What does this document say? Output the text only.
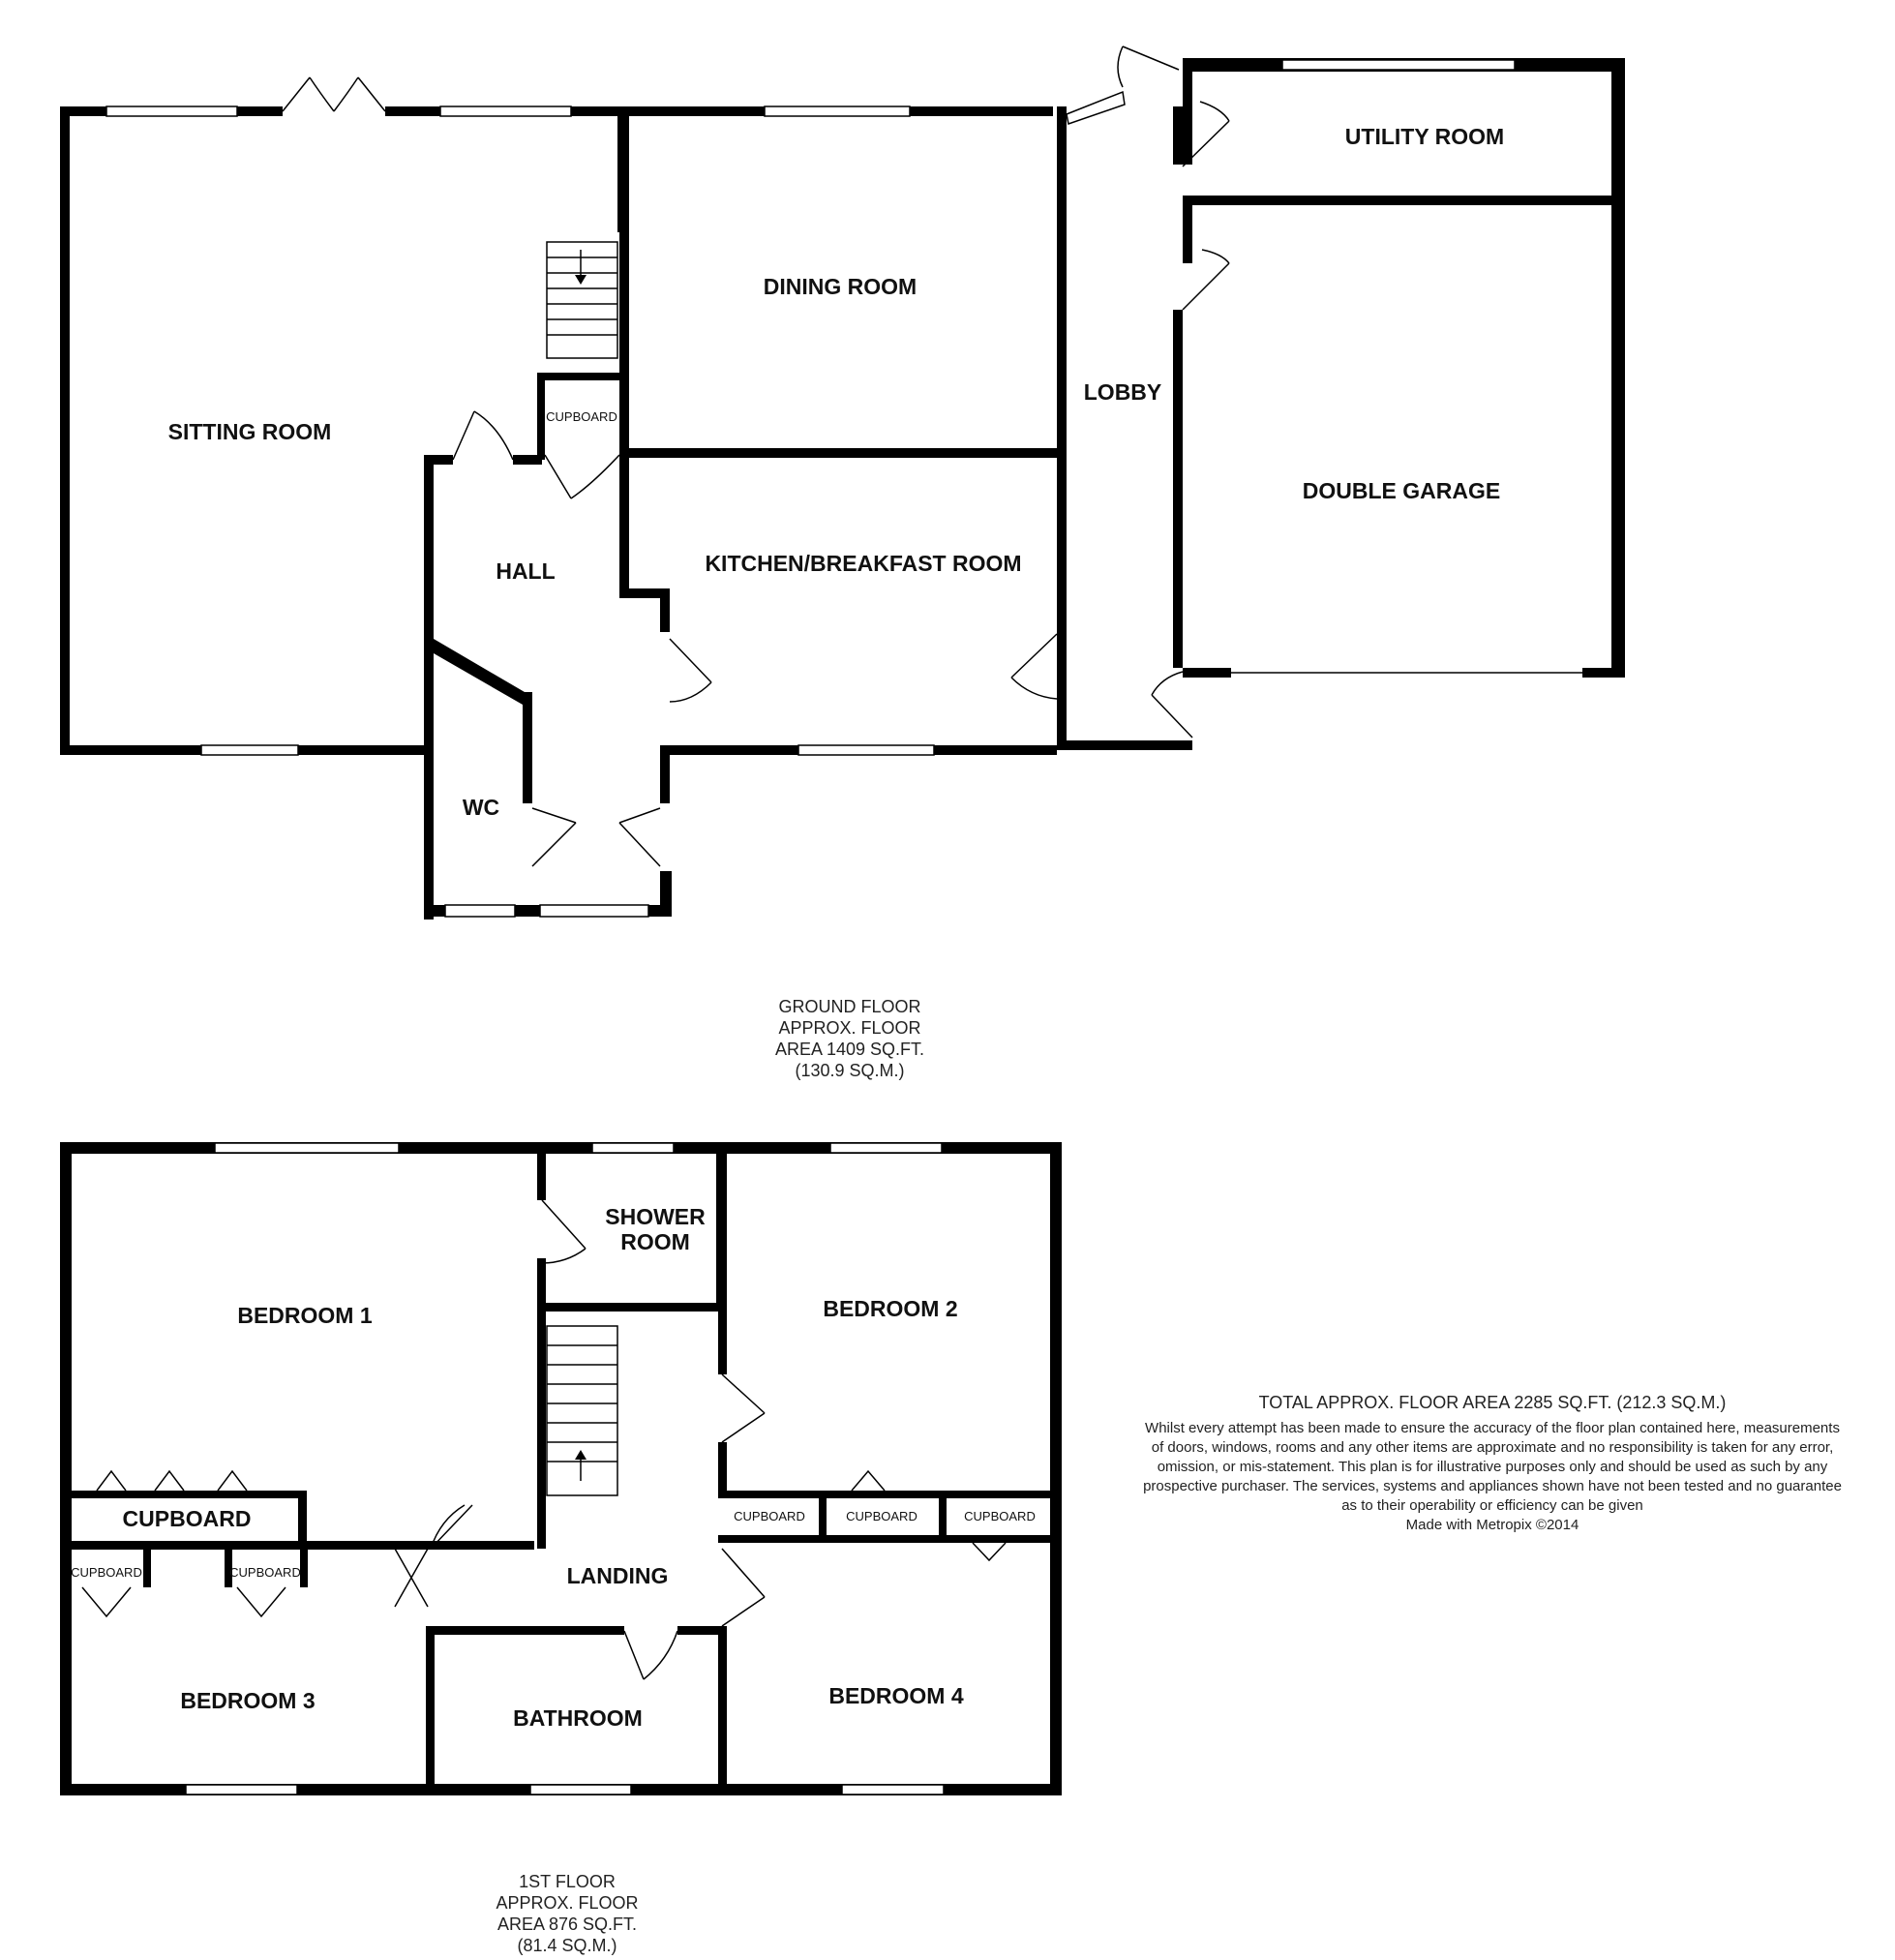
SITTING ROOM
DINING ROOM
KITCHEN/BREAKFAST ROOM
HALL
WC
CUPBOARD
LOBBY
UTILITY ROOM
DOUBLE GARAGE
GROUND FLOOR
APPROX. FLOOR
AREA 1409 SQ.FT.
(130.9 SQ.M.)
BEDROOM 1	BEDROOM 2
BEDROOM 3	BEDROOM 4
SHOWER
ROOM
LANDING
BATHROOM
CUPBOARD
CUPBOARD	CUPBOARD
CUPBOARD	CUPBOARD	CUPBOARD
1ST FLOOR
APPROX. FLOOR
AREA 876 SQ.FT.
(81.4 SQ.M.)
TOTAL APPROX. FLOOR AREA 2285 SQ.FT. (212.3 SQ.M.)
Whilst every attempt has been made to ensure the accuracy of the floor plan contained here, measurements
of doors, windows, rooms and any other items are approximate and no responsibility is taken for any error,
omission, or mis-statement. This plan is for illustrative purposes only and should be used as such by any
prospective purchaser. The services, systems and appliances shown have not been tested and no guarantee
as to their operability or efficiency can be given
Made with Metropix ©2014
